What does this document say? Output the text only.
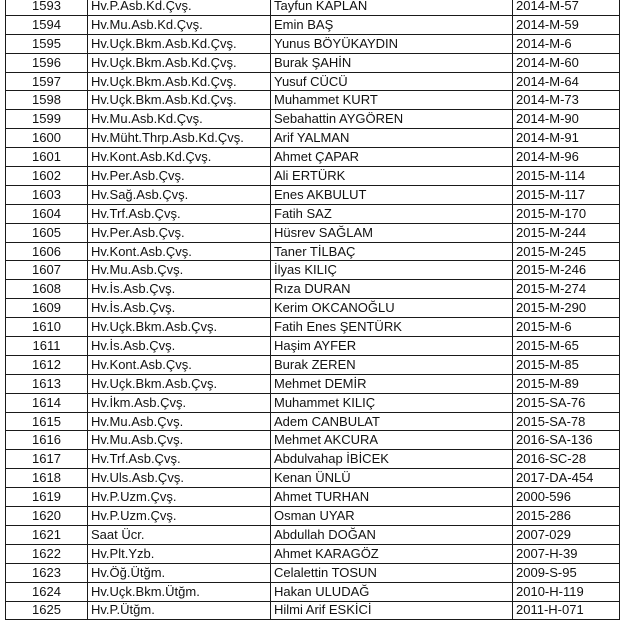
1593	Hv.P.Asb.Kd.Çvş.	Tayfun KAPLAN	2014-M-57
1594	Hv.Mu.Asb.Kd.Çvş.	Emin BAŞ	2014-M-59
1595	Hv.Uçk.Bkm.Asb.Kd.Çvş.	Yunus BÖYÜKAYDIN	2014-M-6
1596	Hv.Uçk.Bkm.Asb.Kd.Çvş.	Burak ŞAHİN	2014-M-60
1597	Hv.Uçk.Bkm.Asb.Kd.Çvş.	Yusuf CÜCÜ	2014-M-64
1598	Hv.Uçk.Bkm.Asb.Kd.Çvş.	Muhammet KURT	2014-M-73
1599	Hv.Mu.Asb.Kd.Çvş.	Sebahattin AYGÖREN	2014-M-90
1600	Hv.Müht.Thrp.Asb.Kd.Çvş.	Arif YALMAN	2014-M-91
1601	Hv.Kont.Asb.Kd.Çvş.	Ahmet ÇAPAR	2014-M-96
1602	Hv.Per.Asb.Çvş.	Ali ERTÜRK	2015-M-114
1603	Hv.Sağ.Asb.Çvş.	Enes AKBULUT	2015-M-117
1604	Hv.Trf.Asb.Çvş.	Fatih SAZ	2015-M-170
1605	Hv.Per.Asb.Çvş.	Hüsrev SAĞLAM	2015-M-244
1606	Hv.Kont.Asb.Çvş.	Taner TİLBAÇ	2015-M-245
1607	Hv.Mu.Asb.Çvş.	İlyas KILIÇ	2015-M-246
1608	Hv.İs.Asb.Çvş.	Rıza DURAN	2015-M-274
1609	Hv.İs.Asb.Çvş.	Kerim OKCANOĞLU	2015-M-290
1610	Hv.Uçk.Bkm.Asb.Çvş.	Fatih Enes ŞENTÜRK	2015-M-6
1611	Hv.İs.Asb.Çvş.	Haşim AYFER	2015-M-65
1612	Hv.Kont.Asb.Çvş.	Burak ZEREN	2015-M-85
1613	Hv.Uçk.Bkm.Asb.Çvş.	Mehmet DEMİR	2015-M-89
1614	Hv.İkm.Asb.Çvş.	Muhammet KILIÇ	2015-SA-76
1615	Hv.Mu.Asb.Çvş.	Adem CANBULAT	2015-SA-78
1616	Hv.Mu.Asb.Çvş.	Mehmet AKCURA	2016-SA-136
1617	Hv.Trf.Asb.Çvş.	Abdulvahap İBİCEK	2016-SC-28
1618	Hv.Uls.Asb.Çvş.	Kenan ÜNLÜ	2017-DA-454
1619	Hv.P.Uzm.Çvş.	Ahmet TURHAN	2000-596
1620	Hv.P.Uzm.Çvş.	Osman UYAR	2015-286
1621	Saat Ücr.	Abdullah DOĞAN	2007-029
1622	Hv.Plt.Yzb.	Ahmet KARAGÖZ	2007-H-39
1623	Hv.Öğ.Ütğm.	Celalettin TOSUN	2009-S-95
1624	Hv.Uçk.Bkm.Ütğm.	Hakan ULUDAĞ	2010-H-119
1625	Hv.P.Ütğm.	Hilmi Arif ESKİCİ	2011-H-071
